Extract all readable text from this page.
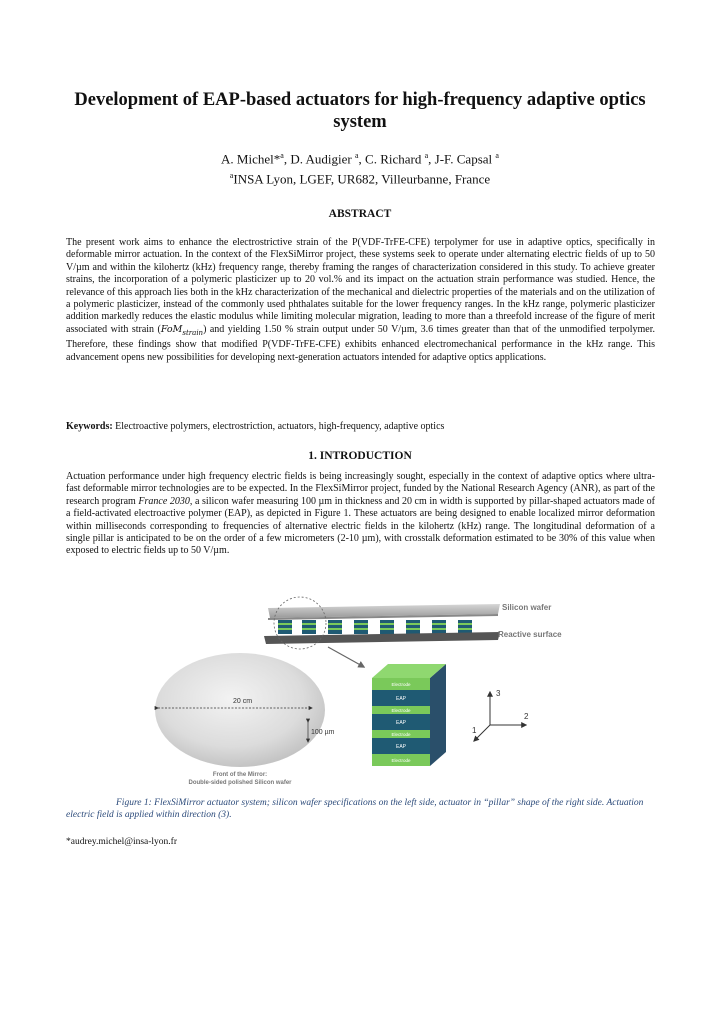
Development of EAP-based actuators for high-frequency adaptive optics system
A. Michel*$^a$, D. Audigier $^a$, C. Richard $^a$, J-F. Capsal $^a$
$^a$INSA Lyon, LGEF, UR682, Villeurbanne, France
ABSTRACT

The present work aims to enhance the electrostrictive strain of the P(VDF-TrFE-CFE) terpolymer for use in adaptive optics, specifically in deformable mirror actuation. In the context of the FlexSiMirror project, these systems seek to operate under alternating electric fields of up to 50 V/µm and within the kilohertz (kHz) frequency range, thereby framing the ranges of characterization considered in this study. To achieve greater strains, the incorporation of a polymeric plasticizer up to 20 vol.% and its impact on the actuation strain performance was studied. Hence, the relevance of this approach lies both in the kHz characterization of the mechanical and dielectric properties of the materials and on the utilization of a polymeric plasticizer, instead of the commonly used phthalates suitable for the lower frequency ranges. In the kHz range, polymeric plasticizer addition markedly reduces the elastic modulus while limiting molecular migration, leading to more than a threefold increase of the figure of merit associated with strain (FoM$_{strain}$) and yielding 1.50 % strain output under 50 V/µm, 3.6 times greater than that of the unmodified terpolymer. Therefore, these findings show that modified P(VDF-TrFE-CFE) exhibits enhanced electromechanical performance in the kHz range. This advancement opens new possibilities for developing next-generation actuators intended for adaptive optics applications.

Keywords: Electroactive polymers, electrostriction, actuators, high-frequency, adaptive optics

1. INTRODUCTION

Actuation performance under high frequency electric fields is being increasingly sought, especially in the context of adaptive optics where ultra-fast deformable mirror technologies are to be expected. In the FlexSiMirror project, funded by the National Research Agency (ANR), as part of the research program France 2030, a silicon wafer measuring 100 µm in thickness and 20 cm in width is supported by pillar-shaped actuators made of a field-activated electroactive polymer (EAP), as depicted in Figure 1. These actuators are being designed to enable localized mirror deformation within milliseconds corresponding to frequencies of alternative electric fields in the kilohertz (kHz) range. The longitudinal deformation of a single pillar is anticipated to be on the order of a few micrometers (2-10 µm), with crosstalk deformation estimated to be 30% of this value when exposed to electric fields up to 50 V/µm.

Silicon wafer
Reactive surface
20 cm
100 µm
Front of the Mirror:
Double-sided polished Silicon wafer
Electrode
EAP
Electrode
EAP
Electrode
EAP
Electrode
3
2
1

Figure 1: FlexSiMirror actuator system; silicon wafer specifications on the left side, actuator in “pillar” shape of the right side. Actuation electric field is applied within direction (3).

*audrey.michel@insa-lyon.fr
